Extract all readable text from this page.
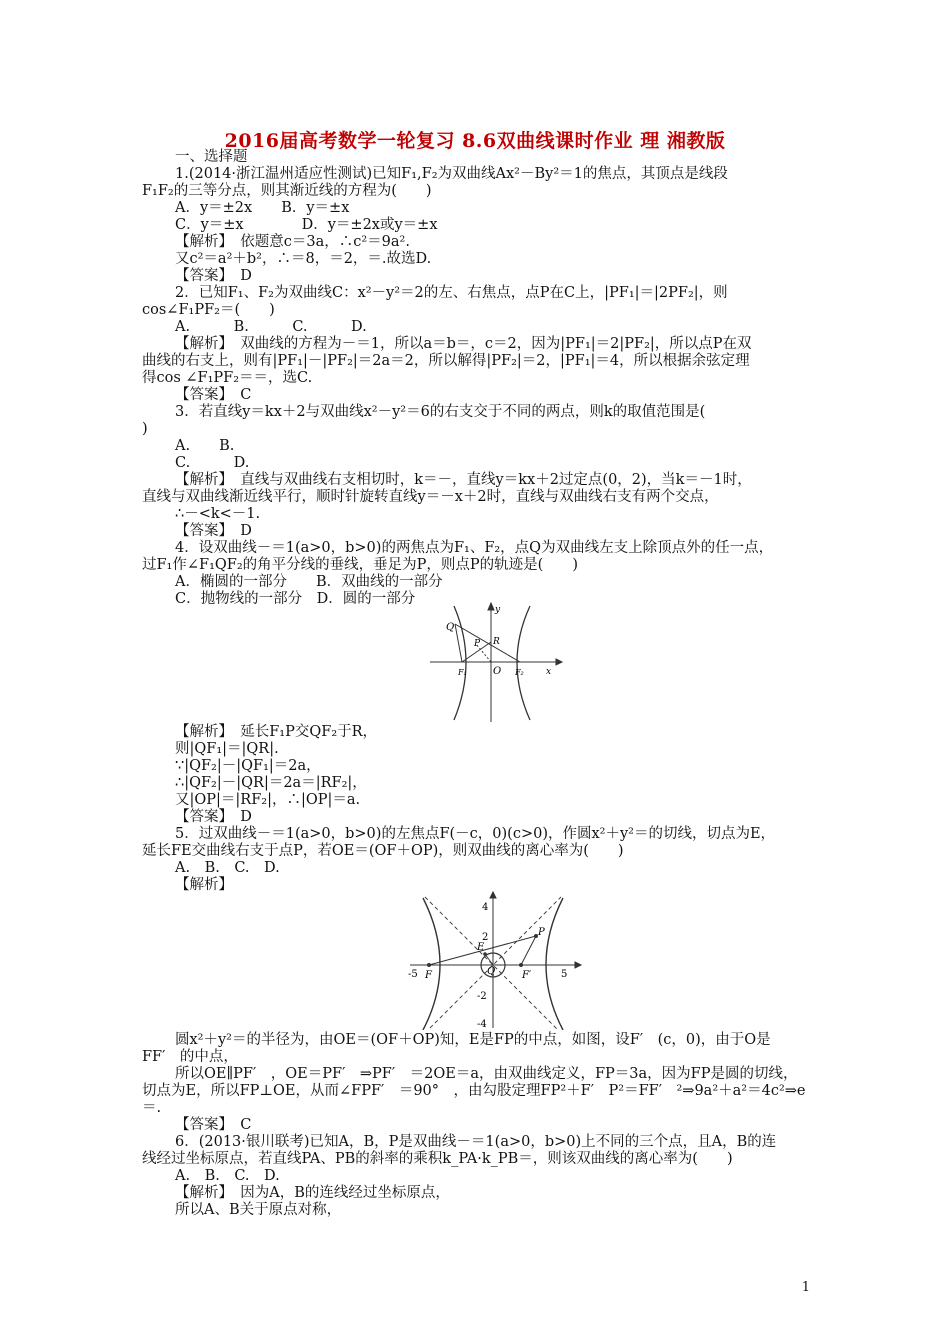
2016届高考数学一轮复习 8.6双曲线课时作业 理 湘教版
一、选择题
1.(2014·浙江温州适应性测试)已知F₁,F₂为双曲线Ax²－By²＝1的焦点，其顶点是线段
F₁F₂的三等分点，则其渐近线的方程为(　　)
A．y＝±2x　　B．y＝±x
C．y＝±x　　　　D．y＝±2x或y＝±x
【解析】　依题意c＝3a，∴c²＝9a².
又c²＝a²＋b²，∴＝8，＝2，＝.故选D.
【答案】　D
2．已知F₁、F₂为双曲线C：x²－y²＝2的左、右焦点，点P在C上，|PF₁|＝|2PF₂|，则
cos∠F₁PF₂＝(　　)
A.　　　B.　　　C.　　　D.
【解析】　双曲线的方程为－＝1，所以a＝b＝，c＝2，因为|PF₁|＝2|PF₂|，所以点P在双
曲线的右支上，则有|PF₁|－|PF₂|＝2a＝2，所以解得|PF₂|＝2，|PF₁|＝4，所以根据余弦定理
得cos ∠F₁PF₂＝＝，选C.
【答案】　C
3．若直线y＝kx＋2与双曲线x²－y²＝6的右支交于不同的两点，则k的取值范围是(
)
A.　　B.
C.　　　D.
【解析】　直线与双曲线右支相切时，k＝－，直线y＝kx＋2过定点(0，2)，当k＝－1时，
直线与双曲线渐近线平行，顺时针旋转直线y＝－x＋2时，直线与双曲线右支有两个交点，
∴－<k<－1.
【答案】　D
4．设双曲线－＝1(a>0，b>0)的两焦点为F₁、F₂，点Q为双曲线左支上除顶点外的任一点，
过F₁作∠F₁QF₂的角平分线的垂线，垂足为P，则点P的轨迹是(　　)
A．椭圆的一部分　　B．双曲线的一部分
C．抛物线的一部分　D．圆的一部分
y
Q
P R
O	x
F₁	F₂
【解析】　延长F₁P交QF₂于R，
则|QF₁|＝|QR|.
∵|QF₂|－|QF₁|＝2a，
∴|QF₂|－|QR|＝2a＝|RF₂|，
又|OP|＝|RF₂|，∴|OP|＝a.
【答案】　D
5．过双曲线－＝1(a>0，b>0)的左焦点F(－c，0)(c>0)，作圆x²＋y²＝的切线，切点为E，
延长FE交曲线右支于点P，若OE＝(OF＋OP)，则双曲线的离心率为(　　)
A.　B.　C.　D.
【解析】
4
2
-2
-4
-5	5
E
P
F	Q	F′
圆x²＋y²＝的半径为，由OE＝(OF＋OP)知，E是FP的中点，如图，设F′　(c，0)，由于O是
FF′　的中点，
所以OE∥PF′　，OE＝PF′　⇒PF′　＝2OE＝a，由双曲线定义，FP＝3a，因为FP是圆的切线，
切点为E，所以FP⊥OE，从而∠FPF′　＝90°　，由勾股定理FP²＋F′　P²＝FF′　²⇒9a²＋a²＝4c²⇒e
＝.
【答案】　C
6．(2013·银川联考)已知A，B，P是双曲线－＝1(a>0，b>0)上不同的三个点，且A，B的连
线经过坐标原点，若直线PA、PB的斜率的乘积k_PA·k_PB＝，则该双曲线的离心率为(　　)
A.　B.　C.　D.
【解析】　因为A，B的连线经过坐标原点，
所以A、B关于原点对称，
1
